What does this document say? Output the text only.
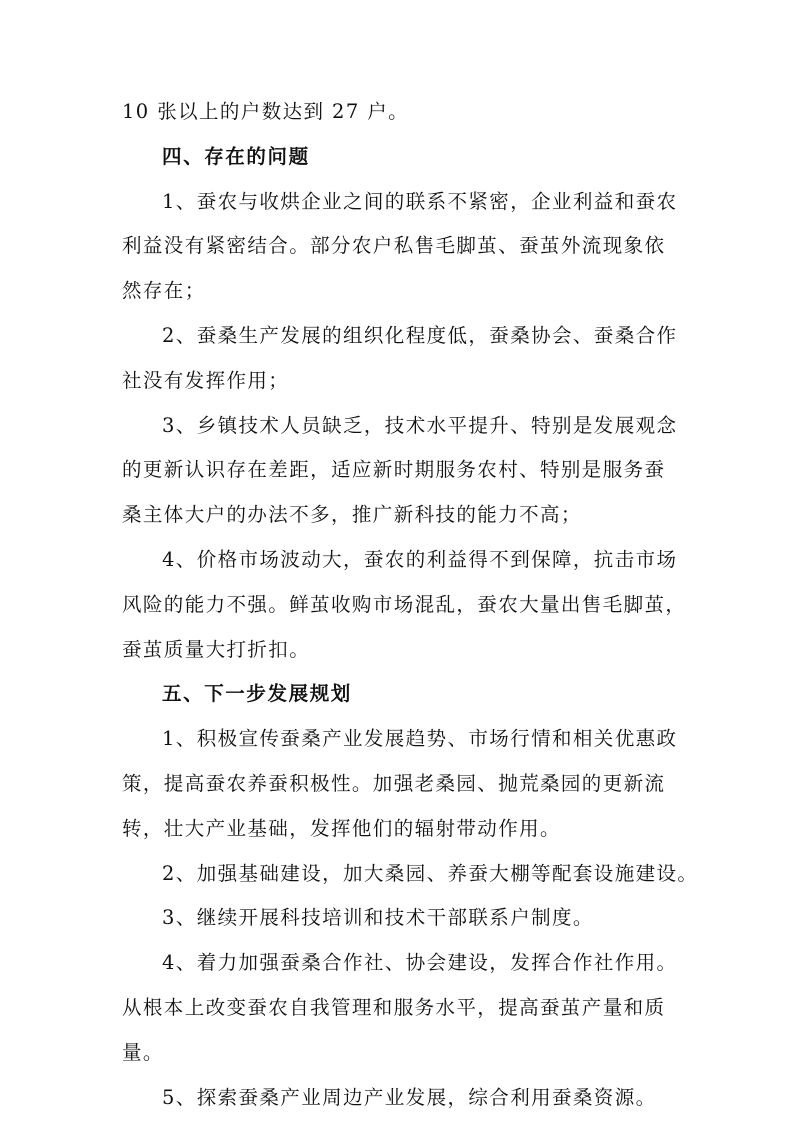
10 张以上的户数达到 27 户。
四、存在的问题
1、蚕农与收烘企业之间的联系不紧密，企业利益和蚕农
利益没有紧密结合。部分农户私售毛脚茧、蚕茧外流现象依
然存在；
2、蚕桑生产发展的组织化程度低，蚕桑协会、蚕桑合作
社没有发挥作用；
3、乡镇技术人员缺乏，技术水平提升、特别是发展观念
的更新认识存在差距，适应新时期服务农村、特别是服务蚕
桑主体大户的办法不多，推广新科技的能力不高；
4、价格市场波动大，蚕农的利益得不到保障，抗击市场
风险的能力不强。鲜茧收购市场混乱，蚕农大量出售毛脚茧，
蚕茧质量大打折扣。
五、下一步发展规划
1、积极宣传蚕桑产业发展趋势、市场行情和相关优惠政
策，提高蚕农养蚕积极性。加强老桑园、抛荒桑园的更新流
转，壮大产业基础，发挥他们的辐射带动作用。
2、加强基础建设，加大桑园、养蚕大棚等配套设施建设。
3、继续开展科技培训和技术干部联系户制度。
4、着力加强蚕桑合作社、协会建设，发挥合作社作用。
从根本上改变蚕农自我管理和服务水平，提高蚕茧产量和质
量。
5、探索蚕桑产业周边产业发展，综合利用蚕桑资源。
